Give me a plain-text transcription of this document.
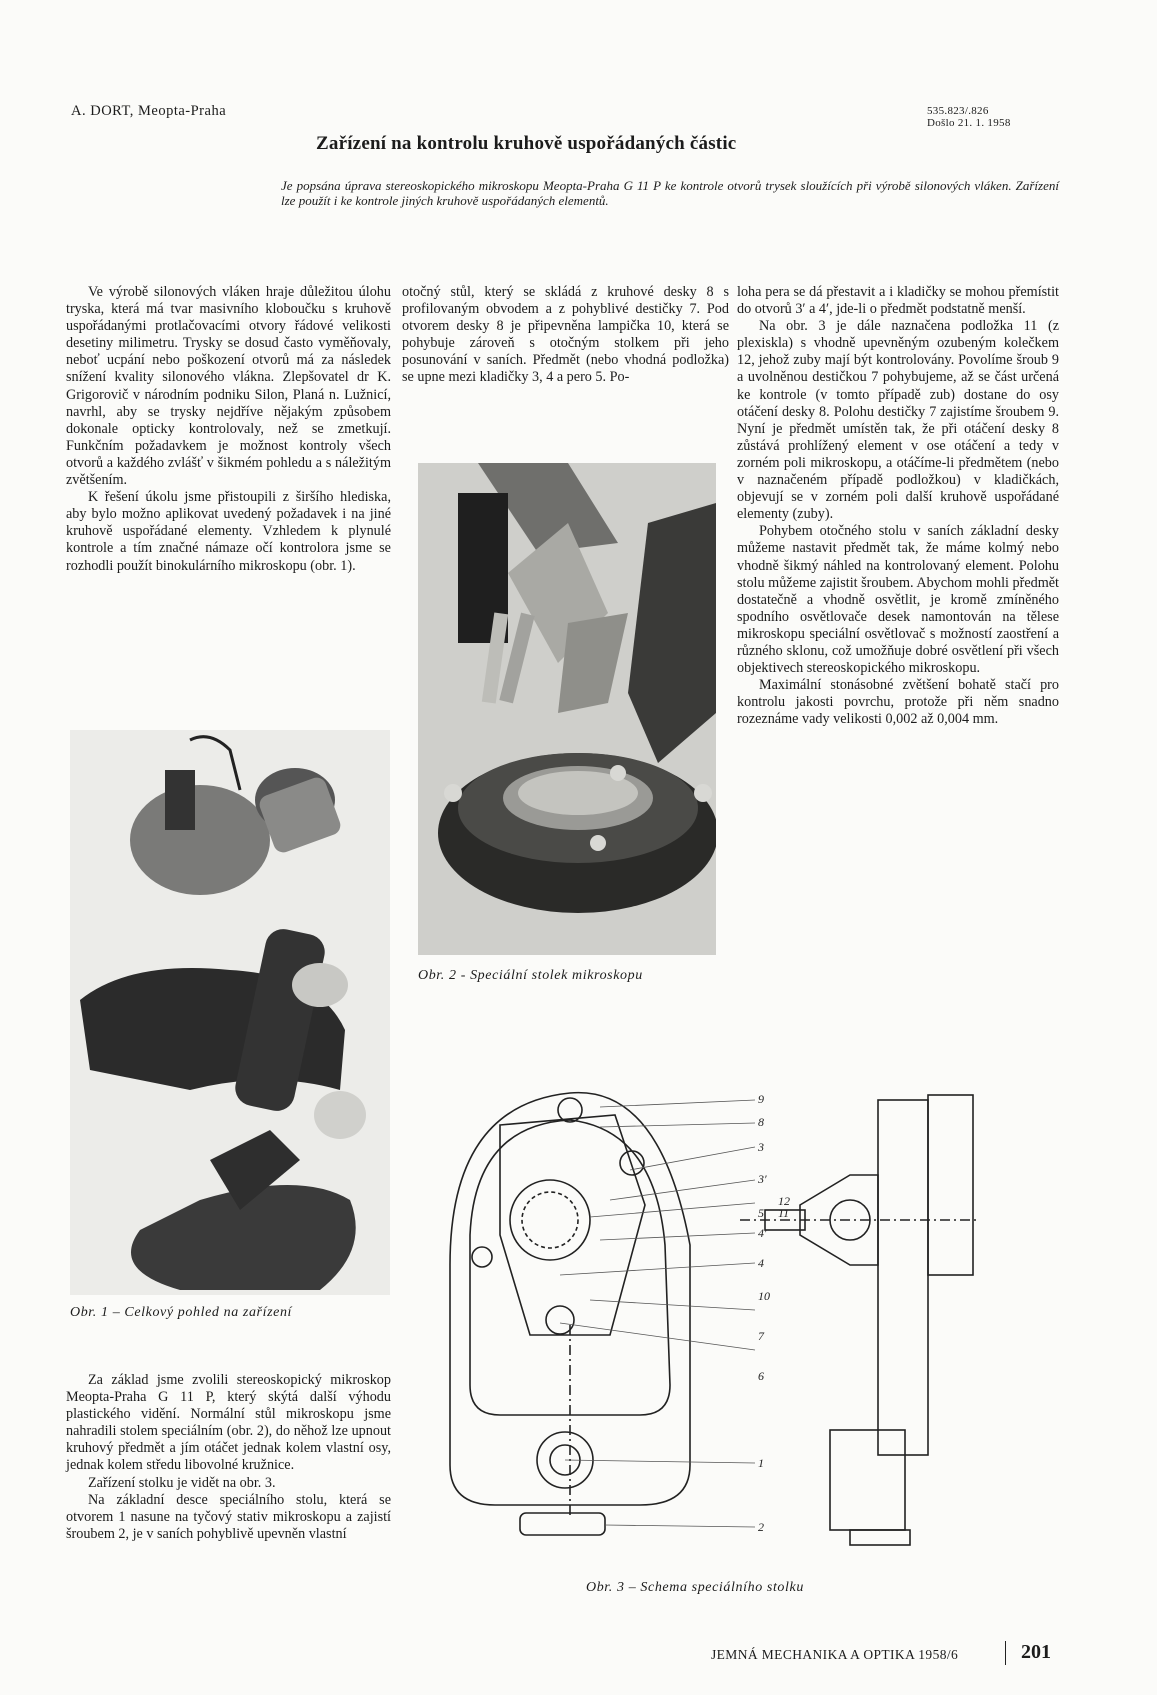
A. DORT, Meopta-Praha	535.823/.826
Došlo 21. 1. 1958
Zařízení na kontrolu kruhově uspořádaných částic
Je popsána úprava stereoskopického mikroskopu Meopta-Praha G 11 P ke kontrole otvorů trysek sloužících při výrobě silonových vláken. Zařízení lze použít i ke kontrole jiných kruhově uspořádaných elementů.

Ve výrobě silonových vláken hraje důležitou úlohu tryska, která má tvar masivního kloboučku s kruhově uspořádanými protlačovacími otvory řádové velikosti desetiny milimetru. Trysky se dosud často vyměňovaly, neboť ucpání nebo poškození otvorů má za následek snížení kvality silonového vlákna. Zlepšovatel dr K. Grigorovič v národním podniku Silon, Planá n. Lužnicí, navrhl, aby se trysky nejdříve nějakým způsobem dokonale opticky kontrolovaly, než se zmetkují. Funkčním požadavkem je možnost kontroly všech otvorů a každého zvlášť v šikmém pohledu a s náležitým zvětšením.

K řešení úkolu jsme přistoupili z širšího hlediska, aby bylo možno aplikovat uvedený požadavek i na jiné kruhově uspořádané elementy. Vzhledem k plynulé kontrole a tím značné námaze očí kontrolora jsme se rozhodli použít binokulárního mikroskopu (obr. 1).

Obr. 1 – Celkový pohled na zařízení

Za základ jsme zvolili stereoskopický mikroskop Meopta-Praha G 11 P, který skýtá další výhodu plastického vidění. Normální stůl mikroskopu jsme nahradili stolem speciálním (obr. 2), do něhož lze upnout kruhový předmět a jím otáčet jednak kolem vlastní osy, jednak kolem středu libovolné kružnice.

Zařízení stolku je vidět na obr. 3.

Na základní desce speciálního stolu, která se otvorem 1 nasune na tyčový stativ mikroskopu a zajistí šroubem 2, je v saních pohyblivě upevněn vlastní

otočný stůl, který se skládá z kruhové desky 8 s profilovaným obvodem a z pohyblivé destičky 7. Pod otvorem desky 8 je připevněna lampička 10, která se pohybuje zároveň s otočným stolkem při jeho posunování v saních. Předmět (nebo vhodná podložka) se upne mezi kladičky 3, 4 a pero 5. Po-

Obr. 2 - Speciální stolek mikroskopu

loha pera se dá přestavit a i kladičky se mohou přemístit do otvorů 3′ a 4′, jde-li o předmět podstatně menší.

Na obr. 3 je dále naznačena podložka 11 (z plexiskla) s vhodně upevněným ozubeným kolečkem 12, jehož zuby mají být kontrolovány. Povolíme šroub 9 a uvolněnou destičkou 7 pohybujeme, až se část určená ke kontrole (v tomto případě zub) dostane do osy otáčení desky 8. Polohu destičky 7 zajistíme šroubem 9. Nyní je předmět umístěn tak, že při otáčení desky 8 zůstává prohlížený element v ose otáčení a tedy v zorném poli mikroskopu, a otáčíme-li předmětem (nebo v naznačeném případě podložkou) v kladičkách, objevují se v zorném poli další kruhově uspořádané elementy (zuby).

Pohybem otočného stolu v saních základní desky můžeme nastavit předmět tak, že máme kolmý nebo vhodně šikmý náhled na kontrolovaný element. Polohu stolu můžeme zajistit šroubem. Abychom mohli předmět dostatečně a vhodně osvětlit, je kromě zmíněného spodního osvětlovače desek namontován na tělese mikroskopu speciální osvětlovač s možností zaostření a různého sklonu, což umožňuje dobré osvětlení při všech objektivech stereoskopického mikroskopu.

Maximální stonásobné zvětšení bohatě stačí pro kontrolu jakosti povrchu, protože při něm snadno rozeznáme vady velikosti 0,002 až 0,004 mm.

9
8
3
3′
12
11
5
4′
4
10
7
6
1
2
Obr. 3 – Schema speciálního stolku
JEMNÁ MECHANIKA A OPTIKA 1958/6	201
